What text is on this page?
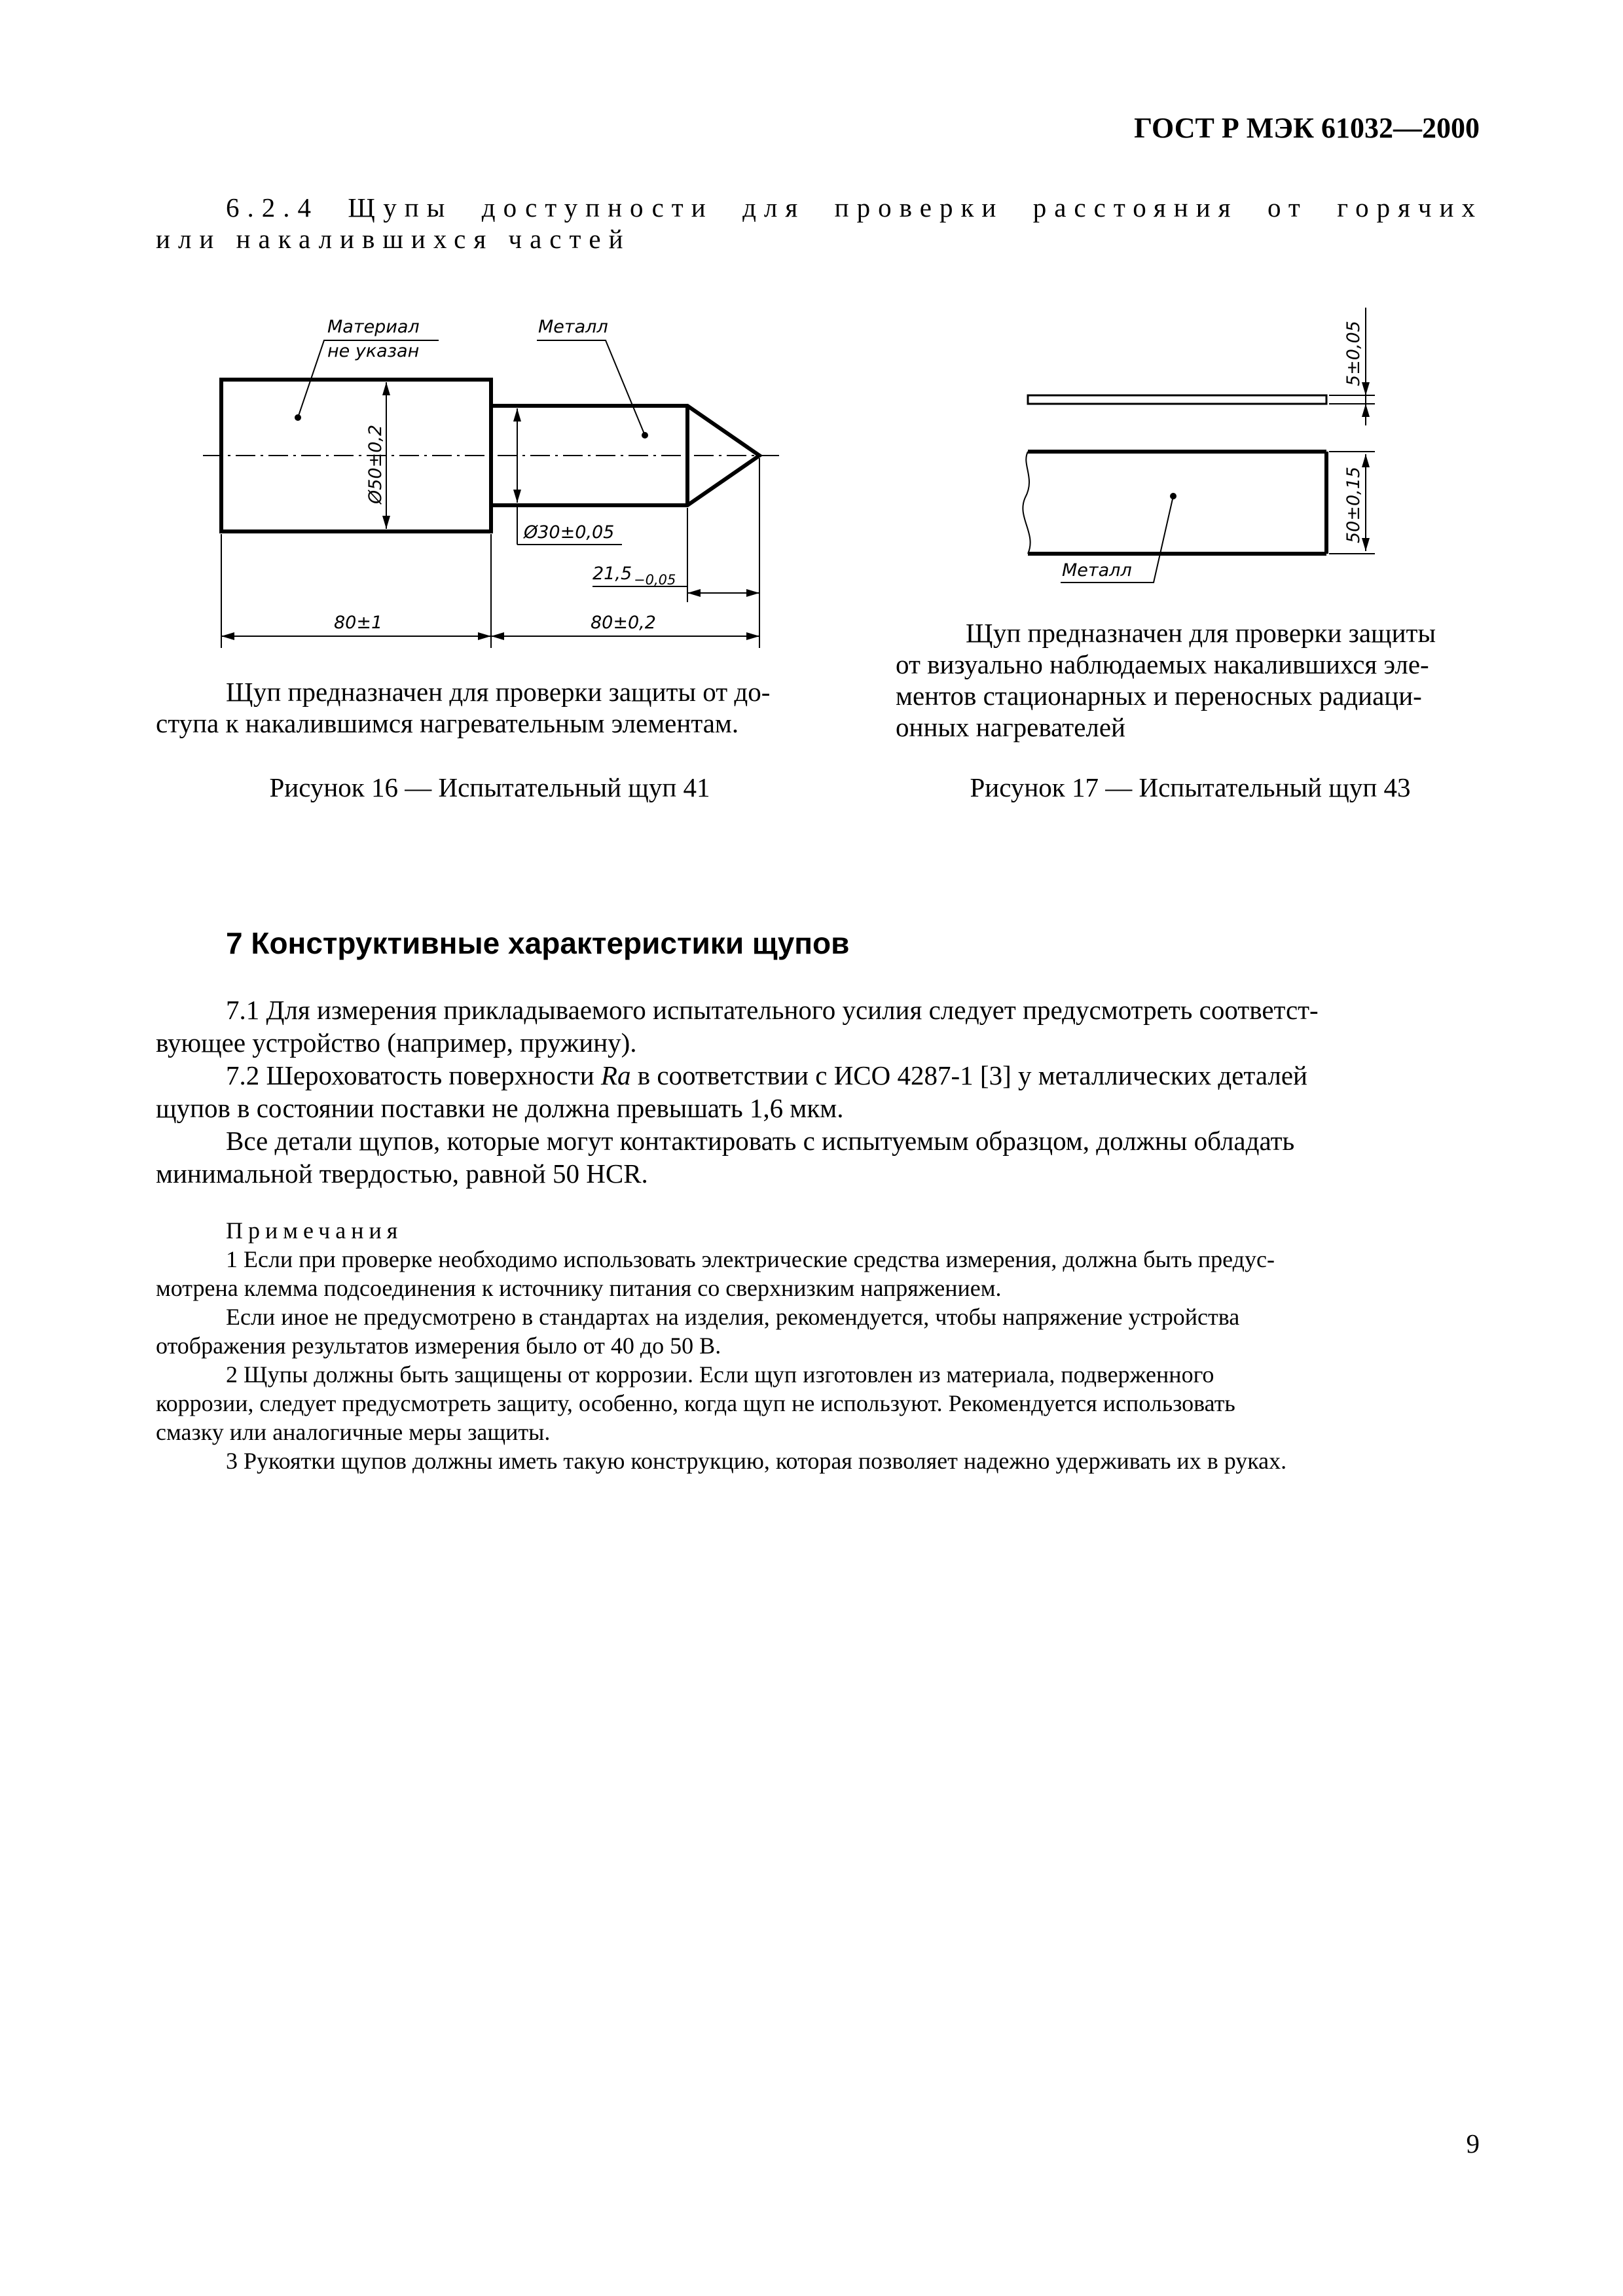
ГОСТ Р МЭК 61032—2000
6.2.4 Щупы доступности для проверки расстояния от горячих
или накалившихся частей
Материал
не указан
Металл
Ø50±0,2
Ø30±0,05
21,5 −0,05
80±1	80±0,2
Металл
5±0,05
50±0,15
Щуп предназначен для проверки защиты от до-
ступа к накалившимся нагревательным элементам.
Рисунок 16 — Испытательный щуп 41
Щуп предназначен для проверки защиты
от визуально наблюдаемых накалившихся эле-
ментов стационарных и переносных радиаци-
онных нагревателей
Рисунок 17 — Испытательный щуп 43
7 Конструктивные характеристики щупов
7.1 Для измерения прикладываемого испытательного усилия следует предусмотреть соответст-
вующее устройство (например, пружину).
7.2 Шероховатость поверхности Ra в соответствии с ИСО 4287-1 [3] у металлических деталей
щупов в состоянии поставки не должна превышать 1,6 мкм.
Все детали щупов, которые могут контактировать с испытуемым образцом, должны обладать
минимальной твердостью, равной 50 HCR.
Примечания
1 Если при проверке необходимо использовать электрические средства измерения, должна быть предус-
мотрена клемма подсоединения к источнику питания со сверхнизким напряжением.
Если иное не предусмотрено в стандартах на изделия, рекомендуется, чтобы напряжение устройства
отображения результатов измерения было от 40 до 50 В.
2 Щупы должны быть защищены от коррозии. Если щуп изготовлен из материала, подверженного
коррозии, следует предусмотреть защиту, особенно, когда щуп не используют. Рекомендуется использовать
смазку или аналогичные меры защиты.
3 Рукоятки щупов должны иметь такую конструкцию, которая позволяет надежно удерживать их в руках.
9
